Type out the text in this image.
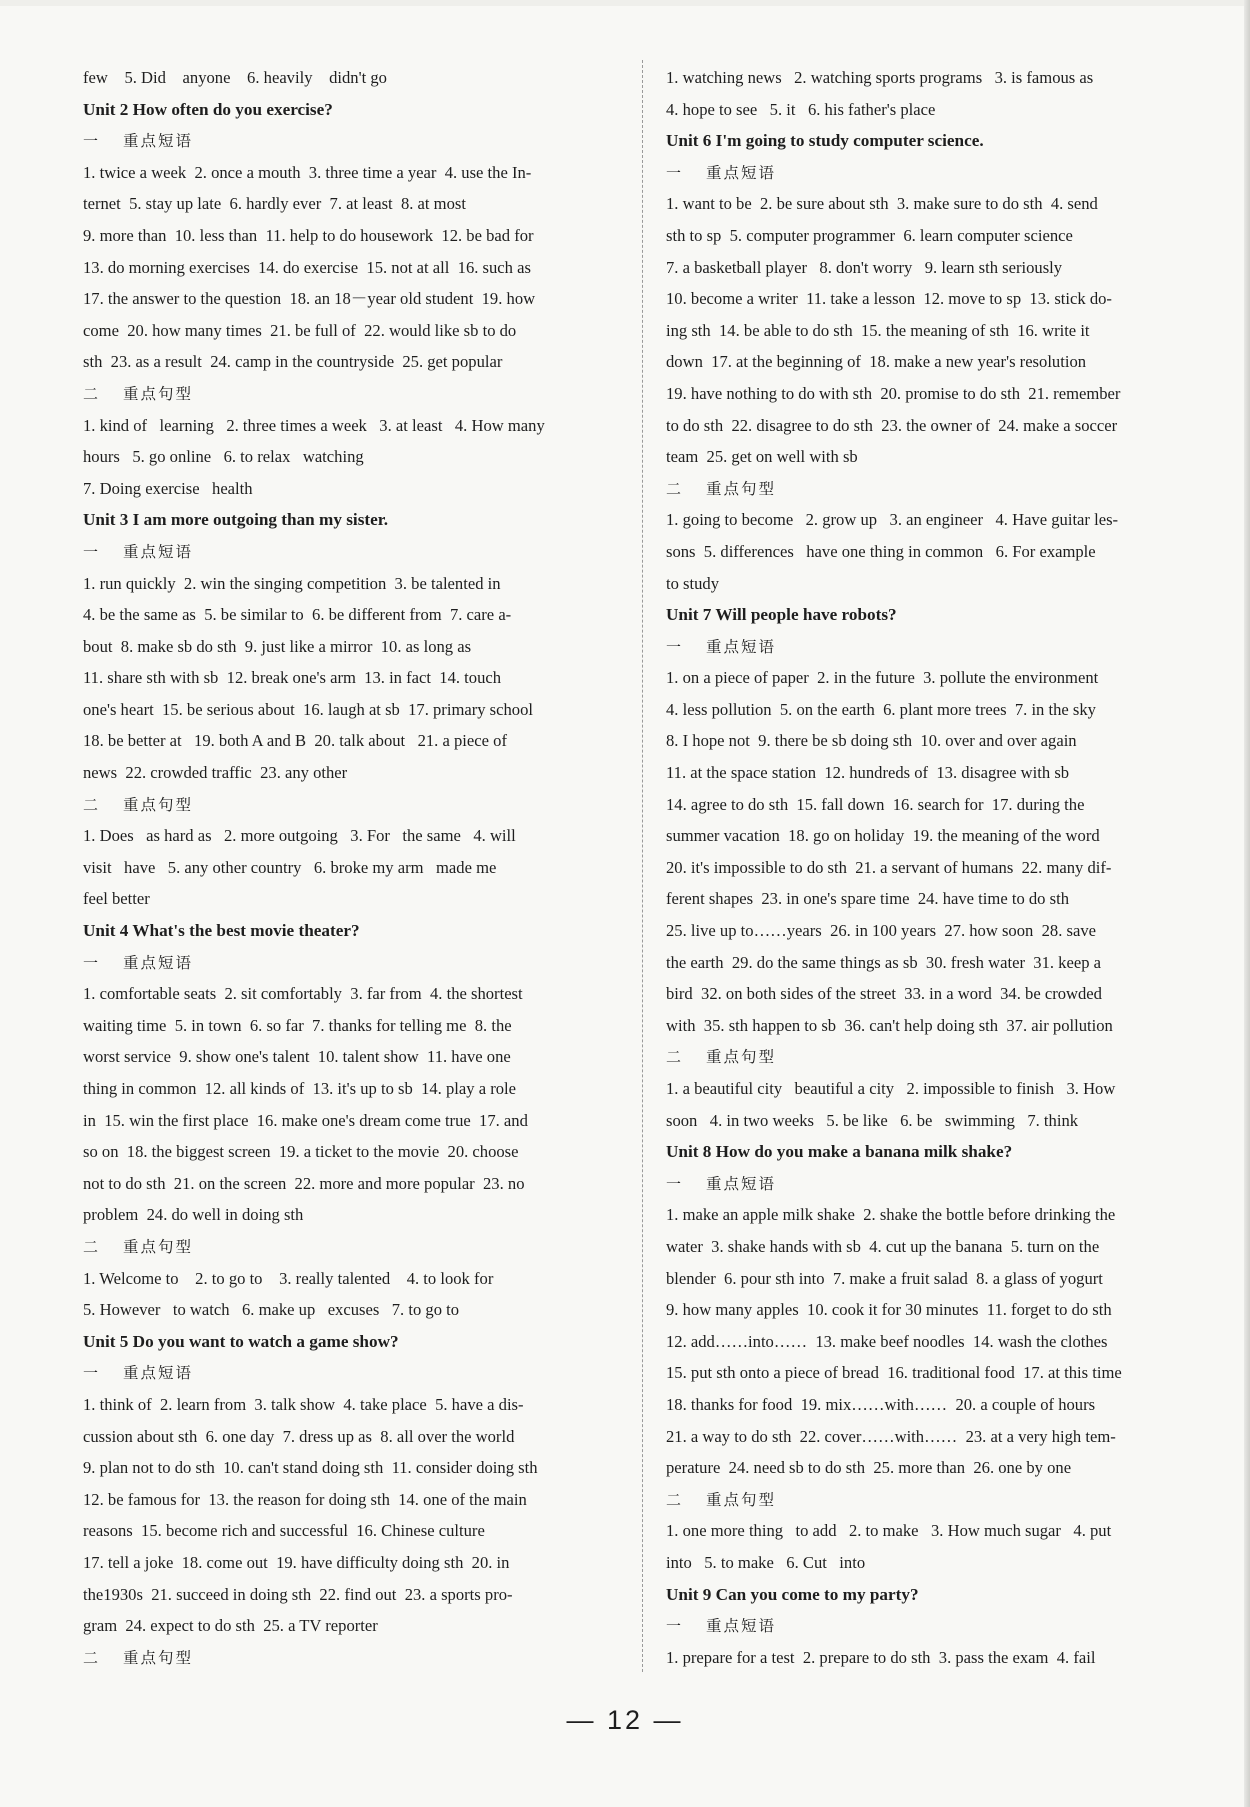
few    5. Did    anyone    6. heavily    didn't go
Unit 2 How often do you exercise?
一 重点短语
1. twice a week  2. once a mouth  3. three time a year  4. use the In-
ternet  5. stay up late  6. hardly ever  7. at least  8. at most
9. more than  10. less than  11. help to do housework  12. be bad for
13. do morning exercises  14. do exercise  15. not at all  16. such as
17. the answer to the question  18. an 18－year old student  19. how
come  20. how many times  21. be full of  22. would like sb to do
sth  23. as a result  24. camp in the countryside  25. get popular
二 重点句型
1. kind of   learning   2. three times a week   3. at least   4. How many
hours   5. go online   6. to relax   watching
7. Doing exercise   health
Unit 3 I am more outgoing than my sister.
一 重点短语
1. run quickly  2. win the singing competition  3. be talented in
4. be the same as  5. be similar to  6. be different from  7. care a-
bout  8. make sb do sth  9. just like a mirror  10. as long as
11. share sth with sb  12. break one's arm  13. in fact  14. touch
one's heart  15. be serious about  16. laugh at sb  17. primary school
18. be better at   19. both A and B  20. talk about   21. a piece of
news  22. crowded traffic  23. any other
二 重点句型
1. Does   as hard as   2. more outgoing   3. For   the same   4. will
visit   have   5. any other country   6. broke my arm   made me
feel better
Unit 4 What's the best movie theater?
一 重点短语
1. comfortable seats  2. sit comfortably  3. far from  4. the shortest
waiting time  5. in town  6. so far  7. thanks for telling me  8. the
worst service  9. show one's talent  10. talent show  11. have one
thing in common  12. all kinds of  13. it's up to sb  14. play a role
in  15. win the first place  16. make one's dream come true  17. and
so on  18. the biggest screen  19. a ticket to the movie  20. choose
not to do sth  21. on the screen  22. more and more popular  23. no
problem  24. do well in doing sth
二 重点句型
1. Welcome to    2. to go to    3. really talented    4. to look for
5. However   to watch   6. make up   excuses   7. to go to
Unit 5 Do you want to watch a game show?
一 重点短语
1. think of  2. learn from  3. talk show  4. take place  5. have a dis-
cussion about sth  6. one day  7. dress up as  8. all over the world
9. plan not to do sth  10. can't stand doing sth  11. consider doing sth
12. be famous for  13. the reason for doing sth  14. one of the main
reasons  15. become rich and successful  16. Chinese culture
17. tell a joke  18. come out  19. have difficulty doing sth  20. in
the1930s  21. succeed in doing sth  22. find out  23. a sports pro-
gram  24. expect to do sth  25. a TV reporter
二 重点句型
1. watching news   2. watching sports programs   3. is famous as
4. hope to see   5. it   6. his father's place
Unit 6 I'm going to study computer science.
一 重点短语
1. want to be  2. be sure about sth  3. make sure to do sth  4. send
sth to sp  5. computer programmer  6. learn computer science
7. a basketball player   8. don't worry   9. learn sth seriously
10. become a writer  11. take a lesson  12. move to sp  13. stick do-
ing sth  14. be able to do sth  15. the meaning of sth  16. write it
down  17. at the beginning of  18. make a new year's resolution
19. have nothing to do with sth  20. promise to do sth  21. remember
to do sth  22. disagree to do sth  23. the owner of  24. make a soccer
team  25. get on well with sb
二 重点句型
1. going to become   2. grow up   3. an engineer   4. Have guitar les-
sons  5. differences   have one thing in common   6. For example
to study
Unit 7 Will people have robots?
一 重点短语
1. on a piece of paper  2. in the future  3. pollute the environment
4. less pollution  5. on the earth  6. plant more trees  7. in the sky
8. I hope not  9. there be sb doing sth  10. over and over again
11. at the space station  12. hundreds of  13. disagree with sb
14. agree to do sth  15. fall down  16. search for  17. during the
summer vacation  18. go on holiday  19. the meaning of the word
20. it's impossible to do sth  21. a servant of humans  22. many dif-
ferent shapes  23. in one's spare time  24. have time to do sth
25. live up to……years  26. in 100 years  27. how soon  28. save
the earth  29. do the same things as sb  30. fresh water  31. keep a
bird  32. on both sides of the street  33. in a word  34. be crowded
with  35. sth happen to sb  36. can't help doing sth  37. air pollution
二 重点句型
1. a beautiful city   beautiful a city   2. impossible to finish   3. How
soon   4. in two weeks   5. be like   6. be   swimming   7. think
Unit 8 How do you make a banana milk shake?
一 重点短语
1. make an apple milk shake  2. shake the bottle before drinking the
water  3. shake hands with sb  4. cut up the banana  5. turn on the
blender  6. pour sth into  7. make a fruit salad  8. a glass of yogurt
9. how many apples  10. cook it for 30 minutes  11. forget to do sth
12. add……into……  13. make beef noodles  14. wash the clothes
15. put sth onto a piece of bread  16. traditional food  17. at this time
18. thanks for food  19. mix……with……  20. a couple of hours
21. a way to do sth  22. cover……with……  23. at a very high tem-
perature  24. need sb to do sth  25. more than  26. one by one
二 重点句型
1. one more thing   to add   2. to make   3. How much sugar   4. put
into   5. to make   6. Cut   into
Unit 9 Can you come to my party?
一 重点短语
1. prepare for a test  2. prepare to do sth  3. pass the exam  4. fail
— 12 —
